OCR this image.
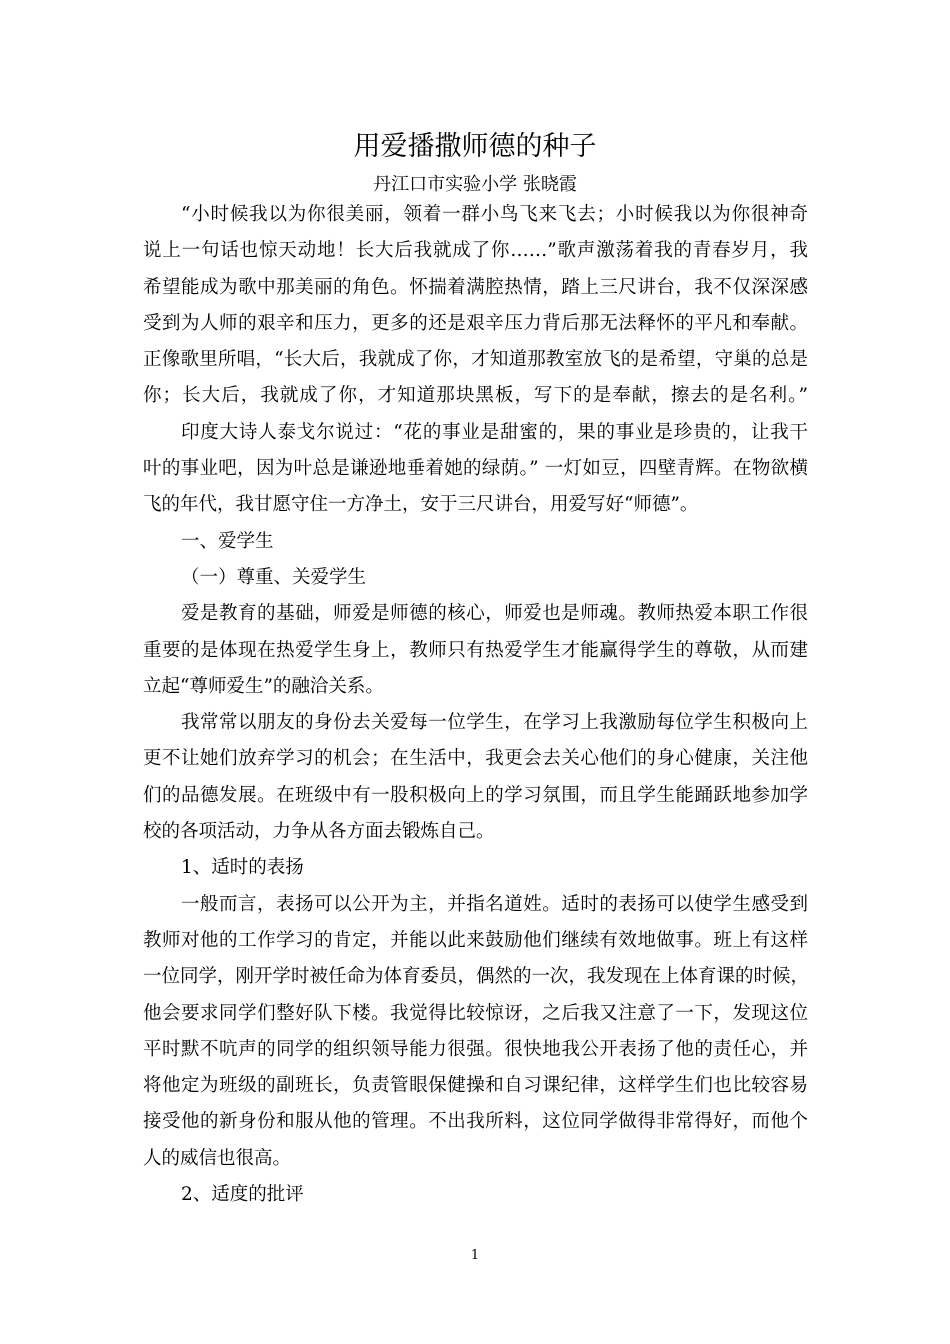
用爱播撒师德的种子
丹江口市实验小学 张晓霞
“小时候我以为你很美丽，领着一群小鸟飞来飞去；小时候我以为你很神奇
说上一句话也惊天动地！长大后我就成了你……”歌声激荡着我的青春岁月，我
希望能成为歌中那美丽的角色。怀揣着满腔热情，踏上三尺讲台，我不仅深深感
受到为人师的艰辛和压力，更多的还是艰辛压力背后那无法释怀的平凡和奉献。
正像歌里所唱，“长大后，我就成了你，才知道那教室放飞的是希望，守巢的总是
你；长大后，我就成了你，才知道那块黑板，写下的是奉献，擦去的是名利。”
印度大诗人泰戈尔说过：“花的事业是甜蜜的，果的事业是珍贵的，让我干
叶的事业吧，因为叶总是谦逊地垂着她的绿荫。” 一灯如豆，四壁青辉。在物欲横
飞的年代，我甘愿守住一方净土，安于三尺讲台，用爱写好“师德”。
一、爱学生
（一）尊重、关爱学生
爱是教育的基础，师爱是师德的核心，师爱也是师魂。教师热爱本职工作很
重要的是体现在热爱学生身上，教师只有热爱学生才能赢得学生的尊敬，从而建
立起“尊师爱生”的融洽关系。
我常常以朋友的身份去关爱每一位学生，在学习上我激励每位学生积极向上
更不让她们放弃学习的机会；在生活中，我更会去关心他们的身心健康，关注他
们的品德发展。在班级中有一股积极向上的学习氛围，而且学生能踊跃地参加学
校的各项活动，力争从各方面去锻炼自己。
1、适时的表扬
一般而言，表扬可以公开为主，并指名道姓。适时的表扬可以使学生感受到
教师对他的工作学习的肯定，并能以此来鼓励他们继续有效地做事。班上有这样
一位同学，刚开学时被任命为体育委员，偶然的一次，我发现在上体育课的时候，
他会要求同学们整好队下楼。我觉得比较惊讶，之后我又注意了一下，发现这位
平时默不吭声的同学的组织领导能力很强。很快地我公开表扬了他的责任心，并
将他定为班级的副班长，负责管眼保健操和自习课纪律，这样学生们也比较容易
接受他的新身份和服从他的管理。不出我所料，这位同学做得非常得好，而他个
人的威信也很高。
2、适度的批评
1
